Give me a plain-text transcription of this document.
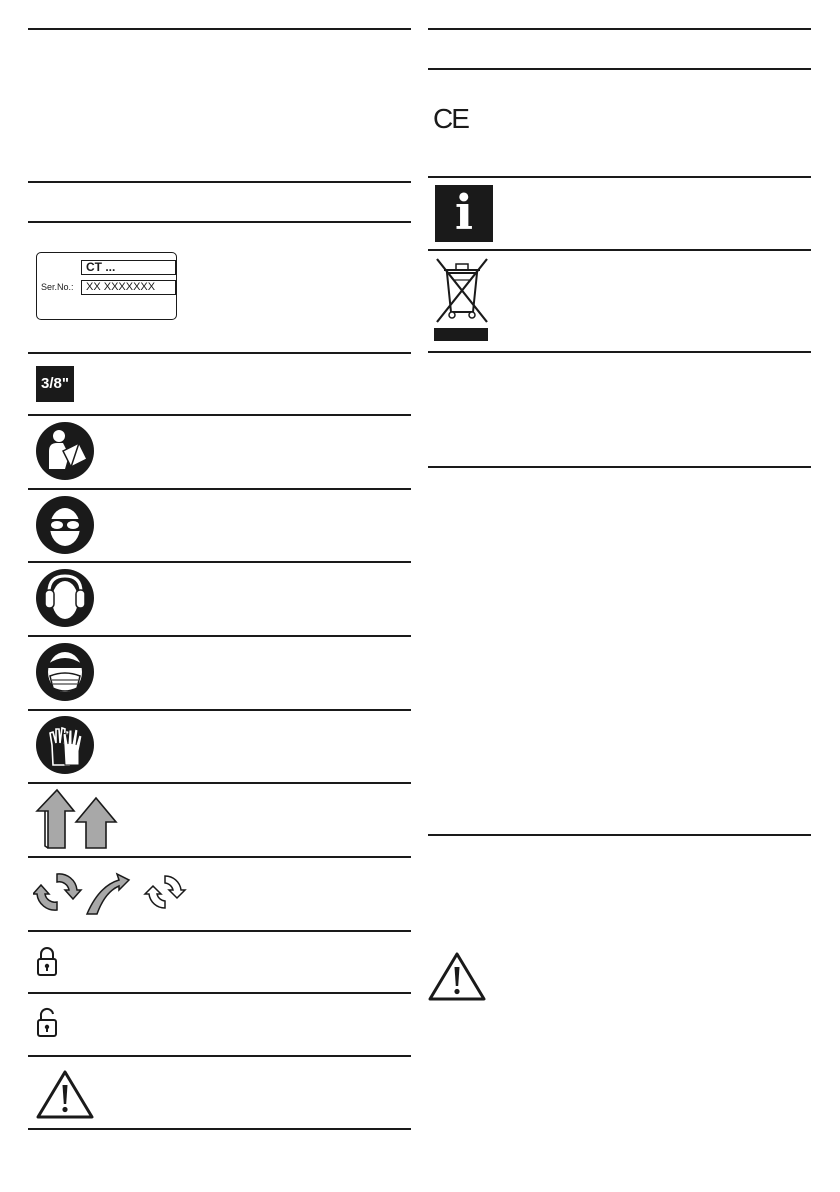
CT ...
Ser.No.:	XX XXXXXXX
3/8"
CE
i
